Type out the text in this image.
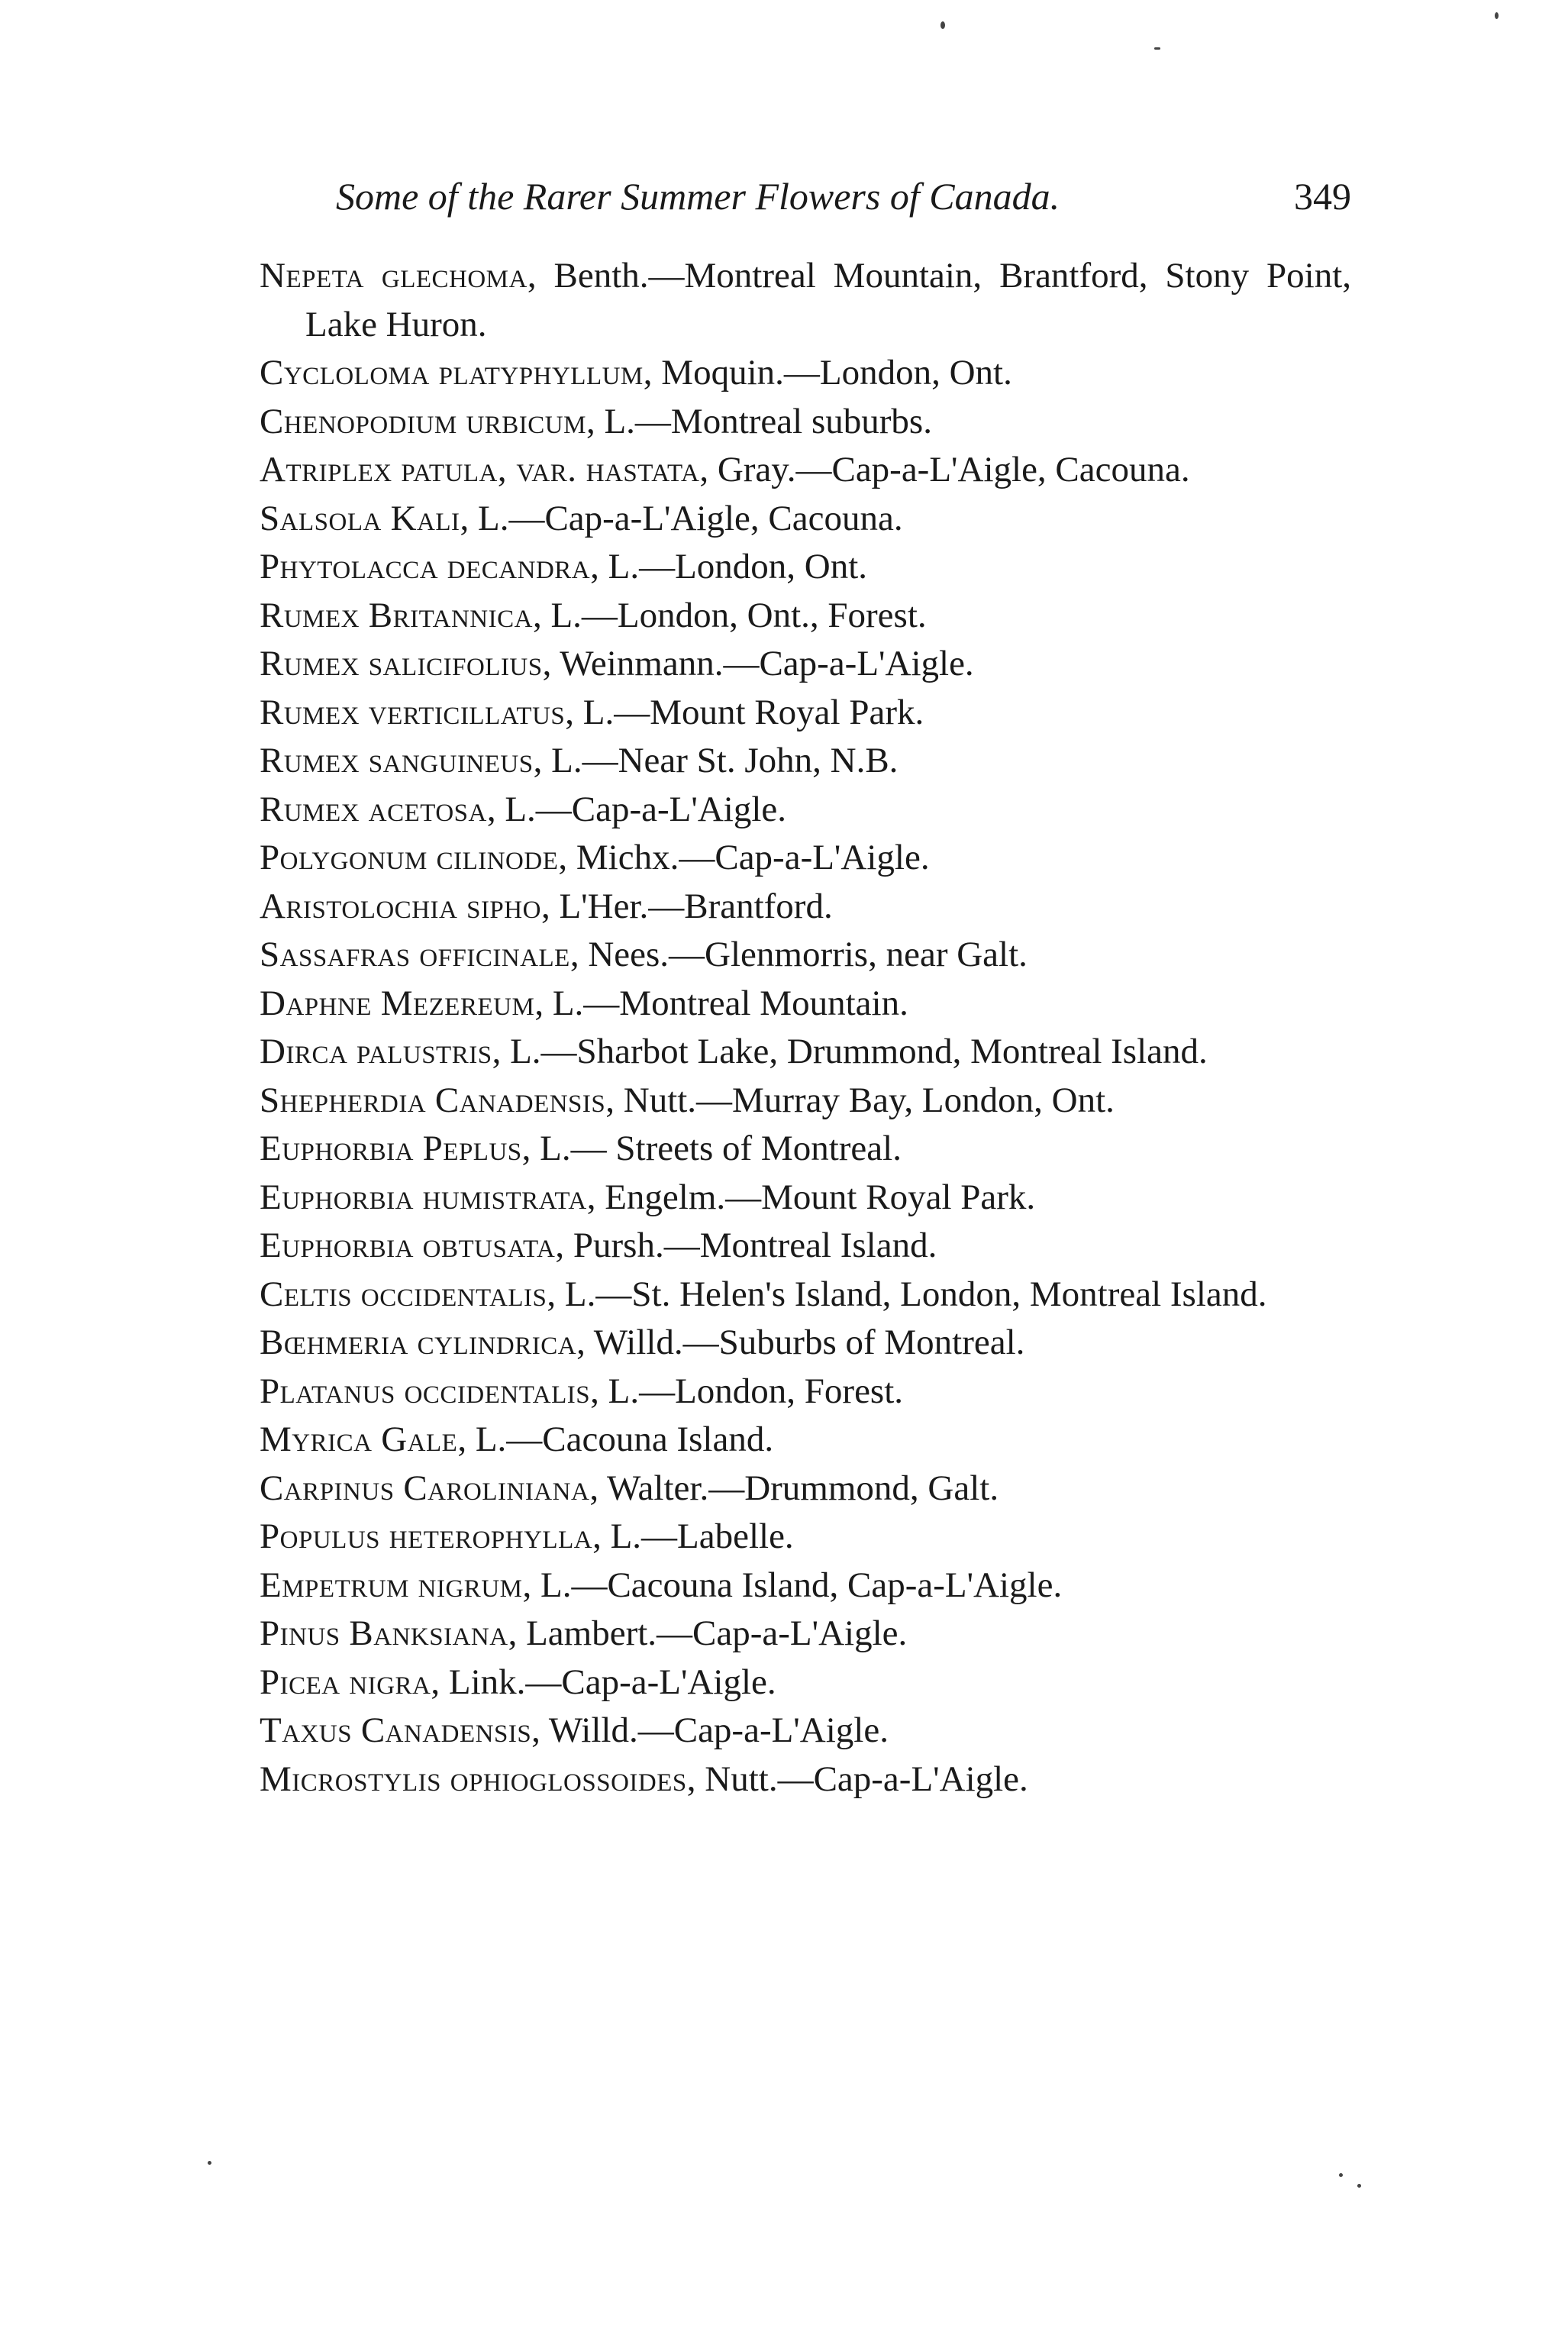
Some of the Rarer Summer Flowers of Canada.	349
Nepeta glechoma, Benth.—Montreal Mountain, Brantford, Stony Point, Lake Huron.
Cycloloma platyphyllum, Moquin.—London, Ont.
Chenopodium urbicum, L.—Montreal suburbs.
Atriplex patula, var. hastata, Gray.—Cap-a-L'Aigle, Cacouna.
Salsola Kali, L.—Cap-a-L'Aigle, Cacouna.
Phytolacca decandra, L.—London, Ont.
Rumex Britannica, L.—London, Ont., Forest.
Rumex salicifolius, Weinmann.—Cap-a-L'Aigle.
Rumex verticillatus, L.—Mount Royal Park.
Rumex sanguineus, L.—Near St. John, N.B.
Rumex acetosa, L.—Cap-a-L'Aigle.
Polygonum cilinode, Michx.—Cap-a-L'Aigle.
Aristolochia sipho, L'Her.—Brantford.
Sassafras officinale, Nees.—Glenmorris, near Galt.
Daphne Mezereum, L.—Montreal Mountain.
Dirca palustris, L.—Sharbot Lake, Drummond, Montreal Island.
Shepherdia Canadensis, Nutt.—Murray Bay, London, Ont.
Euphorbia Peplus, L.— Streets of Montreal.
Euphorbia humistrata, Engelm.—Mount Royal Park.
Euphorbia obtusata, Pursh.—Montreal Island.
Celtis occidentalis, L.—St. Helen's Island, London, Montreal Island.
Bœhmeria cylindrica, Willd.—Suburbs of Montreal.
Platanus occidentalis, L.—London, Forest.
Myrica Gale, L.—Cacouna Island.
Carpinus Caroliniana, Walter.—Drummond, Galt.
Populus heterophylla, L.—Labelle.
Empetrum nigrum, L.—Cacouna Island, Cap-a-L'Aigle.
Pinus Banksiana, Lambert.—Cap-a-L'Aigle.
Picea nigra, Link.—Cap-a-L'Aigle.
Taxus Canadensis, Willd.—Cap-a-L'Aigle.
Microstylis ophioglossoides, Nutt.—Cap-a-L'Aigle.
